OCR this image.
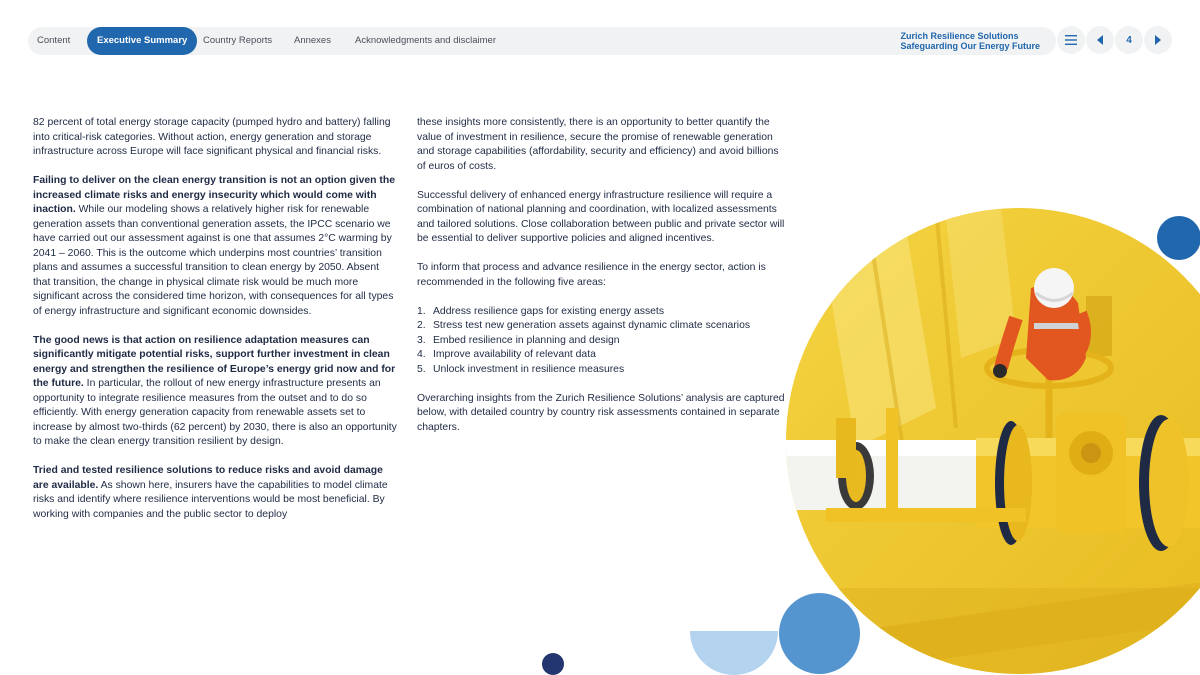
Content	Executive Summary	Country Reports Annexes	Acknowledgments and disclaimer	Zurich Resilience Solutions
Safeguarding Our Energy Future
4

82 percent of total energy storage capacity (pumped hydro and battery) falling into critical-risk categories. Without action, energy generation and storage infrastructure across Europe will face significant physical and financial risks.

Failing to deliver on the clean energy transition is not an option given the increased climate risks and energy insecurity which would come with inaction. While our modeling shows a relatively higher risk for renewable generation assets than conventional generation assets, the IPCC scenario we have carried out our assessment against is one that assumes 2°C warming by 2041 – 2060. This is the outcome which underpins most countries’ transition plans and assumes a successful transition to clean energy by 2050. Absent that transition, the change in physical climate risk would be much more significant across the considered time horizon, with consequences for all types of energy infrastructure and significant economic downsides.

The good news is that action on resilience adaptation measures can significantly mitigate potential risks, support further investment in clean energy and strengthen the resilience of Europe’s energy grid now and for the future. In particular, the rollout of new energy infrastructure presents an opportunity to integrate resilience measures from the outset and to do so efficiently. With energy generation capacity from renewable assets set to increase by almost two-thirds (62 percent) by 2030, there is also an opportunity to make the clean energy transition resilient by design.

Tried and tested resilience solutions to reduce risks and avoid damage are available. As shown here, insurers have the capabilities to model climate risks and identify where resilience interventions would be most beneficial. By working with companies and the public sector to deploy

these insights more consistently, there is an opportunity to better quantify the value of investment in resilience, secure the promise of renewable generation and storage capabilities (affordability, security and efficiency) and avoid billions of euros of costs.

Successful delivery of enhanced energy infrastructure resilience will require a combination of national planning and coordination, with localized assessments and tailored solutions. Close collaboration between public and private sector will be essential to deliver supportive policies and aligned incentives.

To inform that process and advance resilience in the energy sector, action is recommended in the following five areas:

1. Address resilience gaps for existing energy assets
2. Stress test new generation assets against dynamic climate scenarios
3. Embed resilience in planning and design
4. Improve availability of relevant data
5. Unlock investment in resilience measures

Overarching insights from the Zurich Resilience Solutions’ analysis are captured below, with detailed country by country risk assessments contained in separate chapters.
